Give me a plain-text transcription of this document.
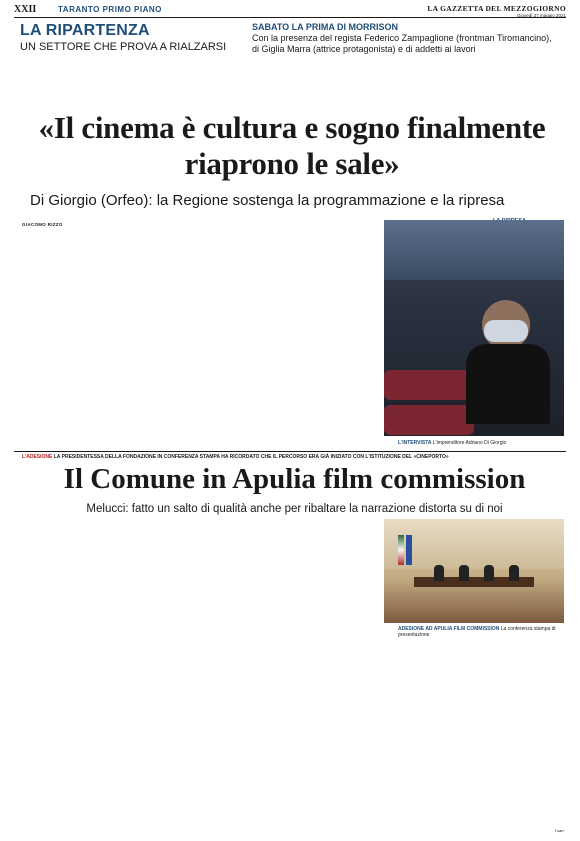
XXII	TARANTO PRIMO PIANO	LA GAZZETTA DEL MEZZOGIORNO
Giovedì 27 maggio 2021
LA RIPARTENZA
UN SETTORE CHE PROVA A RIALZARSI
SABATO LA PRIMA DI MORRISON
Con la presenza del regista Federico Zampaglione (frontman Tiromancino), di Giglia Marra (attrice protagonista) e di addetti ai lavori
«Il cinema è cultura e sogno finalmente riaprono le sale»
Di Giorgio (Orfeo): la Regione sostenga la programmazione e la ripresa
GIACOMO RIZZO
L'INTERVISTA L'imprenditore Adriano Di Giorgio
L'ADESIONE LA PRESIDENTESSA DELLA FONDAZIONE IN CONFERENZA STAMPA HA RICORDATO CHE IL PERCORSO ERA GIÀ INIZIATO CON L'ISTITUZIONE DEL «CINEPORTO»
Il Comune in Apulia film commission
Melucci: fatto un salto di qualità anche per ribaltare la narrazione distorta su di noi
ADESIONE AD APULIA FILM COMMISSION La conferenza stampa di presentazione
f.sarr
